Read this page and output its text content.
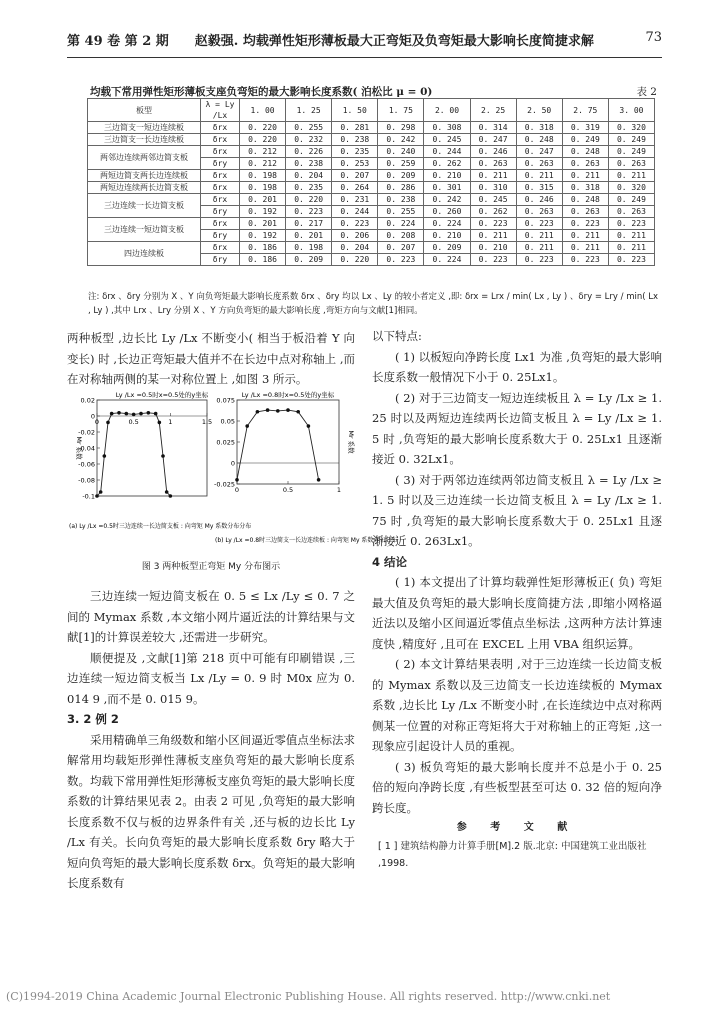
第 49 卷 第 2 期　　赵毅强. 均载弹性矩形薄板最大正弯矩及负弯矩最大影响长度简捷求解	73
均载下常用弹性矩形薄板支座负弯矩的最大影响长度系数( 泊松比 μ = 0)	表 2
板型	λ = Ly /Lx	1. 00	1. 25	1. 50	1. 75	2. 00	2. 25	2. 50	2. 75	3. 00
三边简支一短边连续板	δrx	0. 220	0. 255	0. 281	0. 298	0. 308	0. 314	0. 318	0. 319	0. 320
三边简支一长边连续板	δrx	0. 220	0. 232	0. 238	0. 242	0. 245	0. 247	0. 248	0. 249	0. 249
两邻边连续两邻边简支板	δrx	0. 212	0. 226	0. 235	0. 240	0. 244	0. 246	0. 247	0. 248	0. 249
	δry	0. 212	0. 238	0. 253	0. 259	0. 262	0. 263	0. 263	0. 263	0. 263
两短边简支两长边连续板	δrx	0. 198	0. 204	0. 207	0. 209	0. 210	0. 211	0. 211	0. 211	0. 211
两短边连续两长边简支板	δrx	0. 198	0. 235	0. 264	0. 286	0. 301	0. 310	0. 315	0. 318	0. 320
三边连续一长边简支板	δrx	0. 201	0. 220	0. 231	0. 238	0. 242	0. 245	0. 246	0. 248	0. 249
	δry	0. 192	0. 223	0. 244	0. 255	0. 260	0. 262	0. 263	0. 263	0. 263
三边连续一短边简支板	δrx	0. 201	0. 217	0. 223	0. 224	0. 224	0. 223	0. 223	0. 223	0. 223
	δry	0. 192	0. 201	0. 206	0. 208	0. 210	0. 211	0. 211	0. 211	0. 211
四边连续板	δrx	0. 186	0. 198	0. 204	0. 207	0. 209	0. 210	0. 211	0. 211	0. 211
	δry	0. 186	0. 209	0. 220	0. 223	0. 224	0. 223	0. 223	0. 223	0. 223
注: δrx 、δry 分别为 X 、Y 向负弯矩最大影响长度系数 δrx 、δry 均以 Lx 、Ly 的较小者定义 ,即: δrx = Lrx / min( Lx , Ly ) 、δry = Lry / min( Lx , Ly ) ,其中 Lrx 、Lry 分别 X 、Y 方向负弯矩的最大影响长度 ,弯矩方向与文献[1]相同。

两种板型 ,边长比 Ly /Lx 不断变小( 相当于板沿着 Y 向变长) 时 ,长边正弯矩最大值并不在长边中点对称轴上 ,而在对称轴两侧的某一对称位置上 ,如图 3 所示。

0.02
0
-0.02
-0.04
-0.06
-0.08
-0.1
0	0.5	1	1.5
Ly /Lx =0.5时x=0.5处的y坐标
Mr 系数
0.075
0.05
0.025
0
-0.025
0	0.5	1
Ly /Lx =0.8时x=0.5处的y坐标
Mr 系数
(a) Ly /Lx =0.5时三边连续一长边简支板 : 向弯矩 My 系数分布分布
(b) Ly /Lx =0.8时三边简支一长边连续板 : 向弯矩 My 系数分布分布
图 3 两种板型正弯矩 My 分布图示

三边连续一短边简支板在 0. 5 ≤ Lx /Ly ≤ 0. 7 之间的 Mymax 系数 ,本文缩小网片逼近法的计算结果与文献[1]的计算误差较大 ,还需进一步研究。

顺便提及 ,文献[1]第 218 页中可能有印刷错误 ,三边连续一短边简支板当 Lx /Ly = 0. 9 时 M0x 应为 0. 014 9 ,而不是 0. 015 9。

3. 2 例 2

采用精确单三角级数和缩小区间逼近零值点坐标法求解常用均载矩形弹性薄板支座负弯矩的最大影响长度系数。均载下常用弹性矩形薄板支座负弯矩的最大影响长度系数的计算结果见表 2。由表 2 可见 ,负弯矩的最大影响长度系数不仅与板的边界条件有关 ,还与板的边长比 Ly /Lx 有关。长向负弯矩的最大影响长度系数 δry 略大于短向负弯矩的最大影响长度系数 δrx。负弯矩的最大影响长度系数有

以下特点:

( 1) 以板短向净跨长度 Lx1 为准 ,负弯矩的最大影响长度系数一般情况下小于 0. 25Lx1。

( 2) 对于三边简支一短边连续板且 λ = Ly /Lx ≥ 1. 25 时以及两短边连续两长边简支板且 λ = Ly /Lx ≥ 1. 5 时 ,负弯矩的最大影响长度系数大于 0. 25Lx1 且逐渐接近 0. 32Lx1。

( 3) 对于两邻边连续两邻边简支板且 λ = Ly /Lx ≥ 1. 5 时以及三边连续一长边简支板且 λ = Ly /Lx ≥ 1. 75 时 ,负弯矩的最大影响长度系数大于 0. 25Lx1 且逐渐接近 0. 263Lx1。

4 结论

( 1) 本文提出了计算均载弹性矩形薄板正( 负) 弯矩最大值及负弯矩的最大影响长度简捷方法 ,即缩小网格逼近法以及缩小区间逼近零值点坐标法 ,这两种方法计算速度快 ,精度好 ,且可在 EXCEL 上用 VBA 组织运算。

( 2) 本文计算结果表明 ,对于三边连续一长边简支板的 Mymax 系数以及三边简支一长边连续板的 Mymax 系数 ,边长比 Ly /Lx 不断变小时 ,在长连续边中点对称两侧某一位置的对称正弯矩将大于对称轴上的正弯矩 ,这一现象应引起设计人员的重视。

( 3) 板负弯矩的最大影响长度并不总是小于 0. 25 倍的短向净跨长度 ,有些板型甚至可达 0. 32 倍的短向净跨长度。

参 考 文 献
[ 1 ] 建筑结构静力计算手册[M].2 版.北京: 中国建筑工业出版社 ,1998.
(C)1994-2019 China Academic Journal Electronic Publishing House. All rights reserved. http://www.cnki.net
